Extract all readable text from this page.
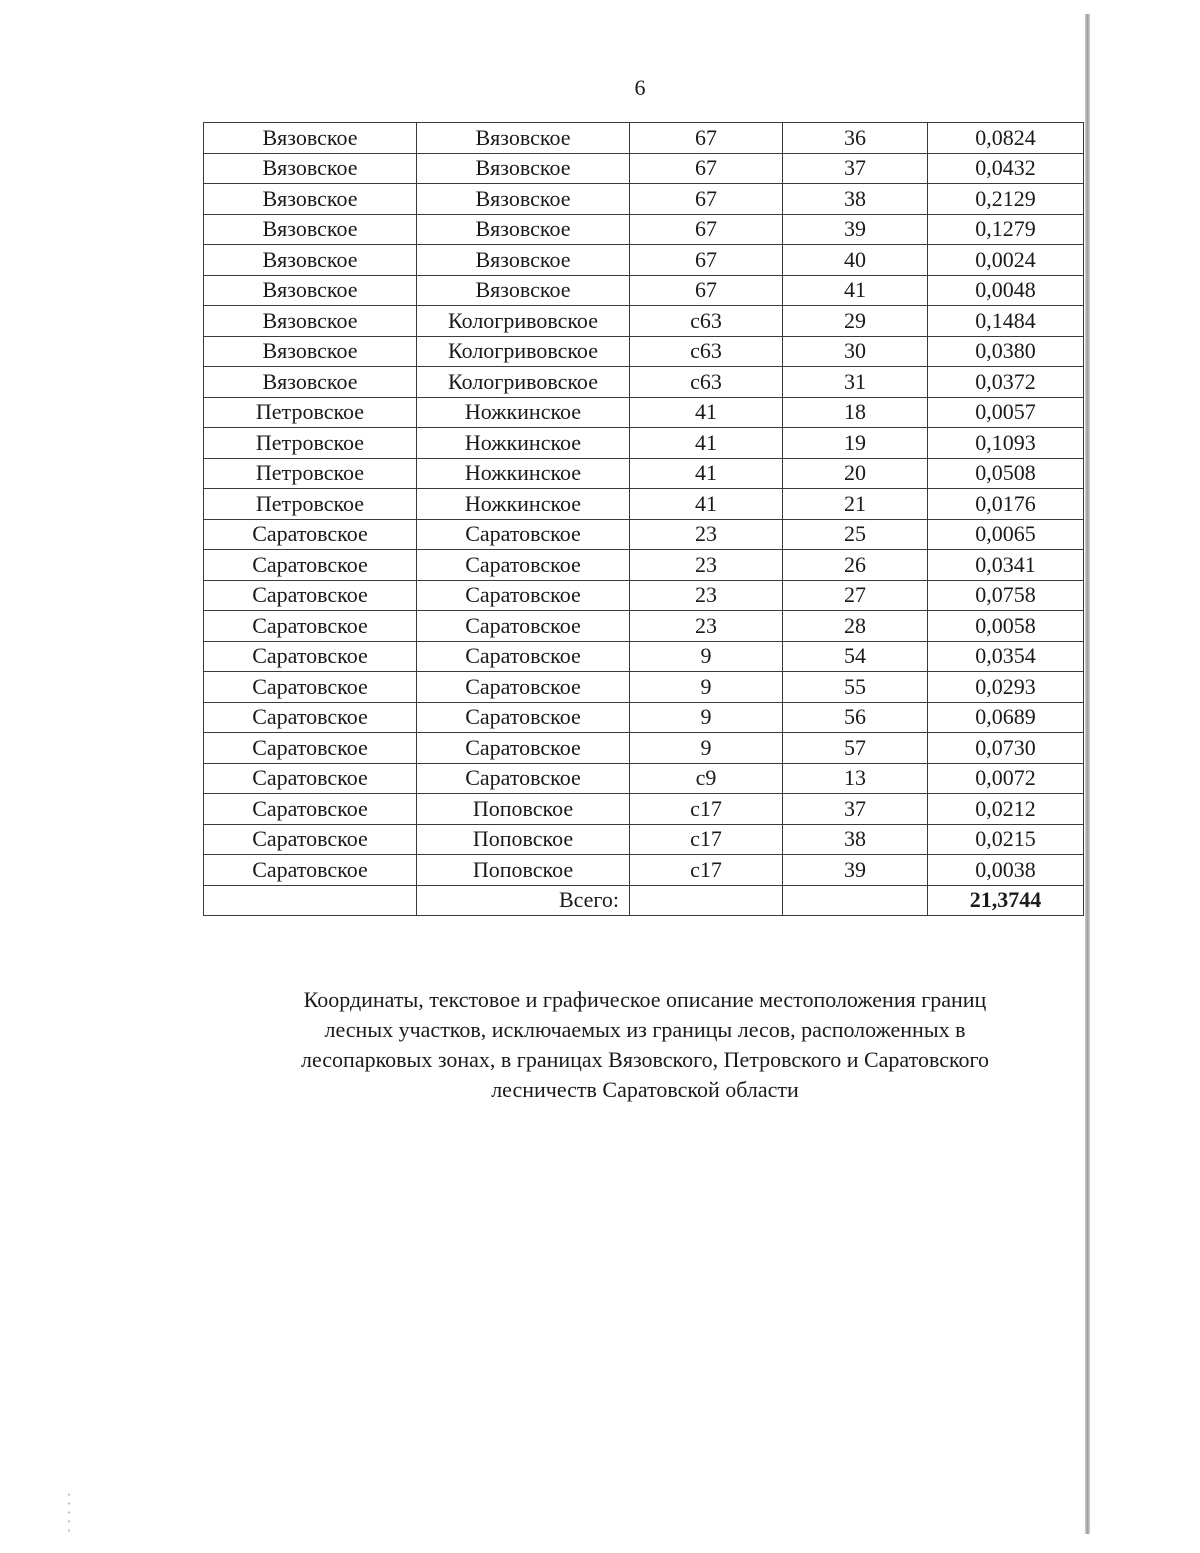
6
Вязовское	Вязовское	67	36	0,0824
Вязовское	Вязовское	67	37	0,0432
Вязовское	Вязовское	67	38	0,2129
Вязовское	Вязовское	67	39	0,1279
Вязовское	Вязовское	67	40	0,0024
Вязовское	Вязовское	67	41	0,0048
Вязовское	Кологривовское	с63	29	0,1484
Вязовское	Кологривовское	с63	30	0,0380
Вязовское	Кологривовское	с63	31	0,0372
Петровское	Ножкинское	41	18	0,0057
Петровское	Ножкинское	41	19	0,1093
Петровское	Ножкинское	41	20	0,0508
Петровское	Ножкинское	41	21	0,0176
Саратовское	Саратовское	23	25	0,0065
Саратовское	Саратовское	23	26	0,0341
Саратовское	Саратовское	23	27	0,0758
Саратовское	Саратовское	23	28	0,0058
Саратовское	Саратовское	9	54	0,0354
Саратовское	Саратовское	9	55	0,0293
Саратовское	Саратовское	9	56	0,0689
Саратовское	Саратовское	9	57	0,0730
Саратовское	Саратовское	с9	13	0,0072
Саратовское	Поповское	с17	37	0,0212
Саратовское	Поповское	с17	38	0,0215
Саратовское	Поповское	с17	39	0,0038
	Всего:			21,3744
Координаты, текстовое и графическое описание местоположения границ
лесных участков, исключаемых из границы лесов, расположенных в
лесопарковых зонах, в границах Вязовского, Петровского и Саратовского
лесничеств Саратовской области
